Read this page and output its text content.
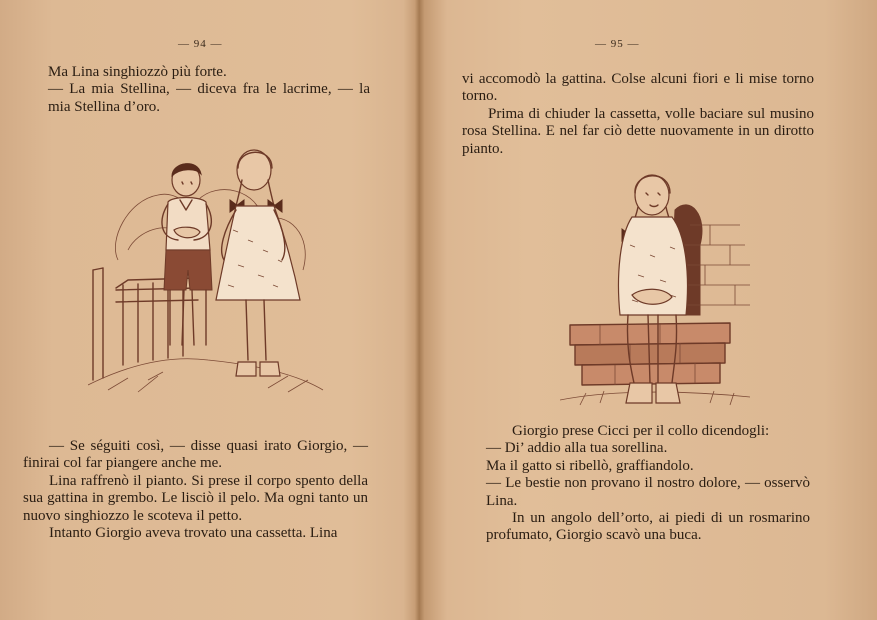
— 94 —

Ma Lina singhiozzò più forte.

— La mia Stellina, — diceva fra le lacrime, — la mia Stellina d’oro.

— Se séguiti così, — disse quasi irato Giorgio, — finirai col far piangere anche me.

Lina raffrenò il pianto. Si prese il corpo spento della sua gattina in grembo. Le lisciò il pelo. Ma ogni tanto un nuovo singhiozzo le scoteva il petto.

Intanto Giorgio aveva trovato una cassetta. Lina

— 95 —

vi accomodò la gattina. Colse alcuni fiori e li mise torno torno.

Prima di chiuder la cassetta, volle baciare sul musino rosa Stellina. E nel far ciò dette nuovamente in un dirotto pianto.

Giorgio prese Cicci per il collo dicendogli:

— Di’ addio alla tua sorellina.

Ma il gatto si ribellò, graffiandolo.

— Le bestie non provano il nostro dolore, — osservò Lina.

In un angolo dell’orto, ai piedi di un rosmarino profumato, Giorgio scavò una buca.
